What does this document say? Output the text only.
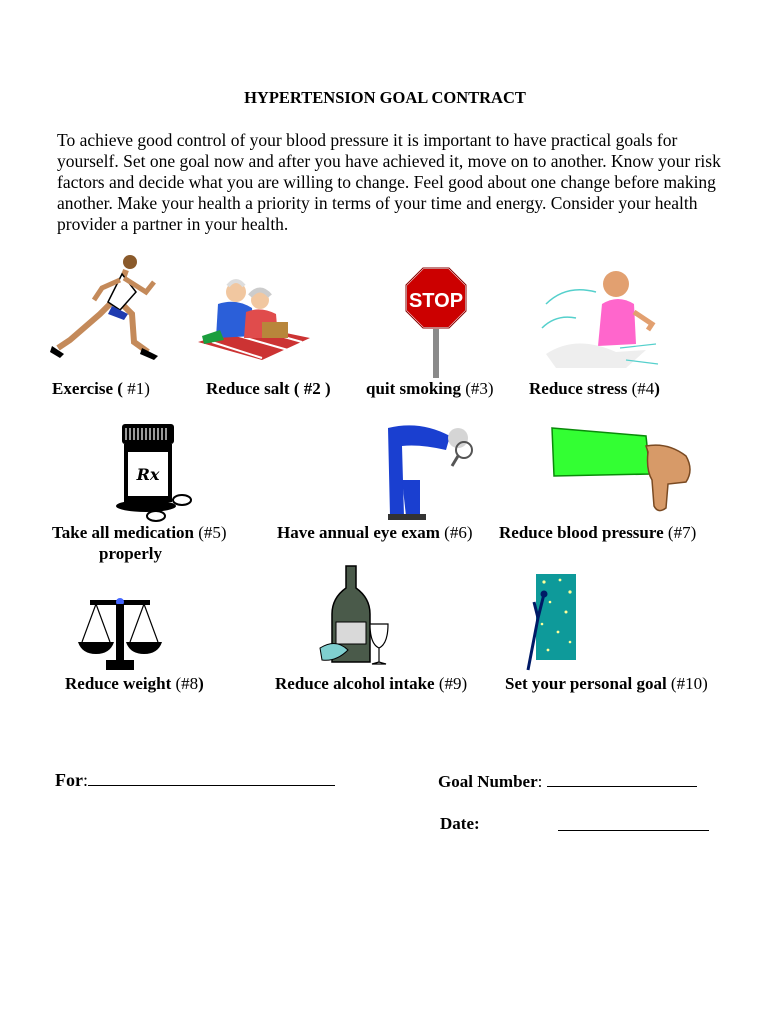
HYPERTENSION GOAL CONTRACT
To achieve good control of your blood pressure it is important to have practical goals for yourself. Set one goal now and after you have achieved it, move on to another. Know your risk factors and decide what you are willing to change. Feel good about one change before making another. Make your health a priority in terms of your time and energy. Consider your health provider a partner in your health.
STOP
Exercise ( #1)	Reduce salt ( #2 ) quit smoking (#3) Reduce stress (#4)
Rx
Take all medication (#5)
properly
Have annual eye exam (#6) Reduce blood pressure (#7)
Reduce weight (#8)	Reduce alcohol intake (#9) Set your personal goal (#10)
For:	Goal Number:
Date:
